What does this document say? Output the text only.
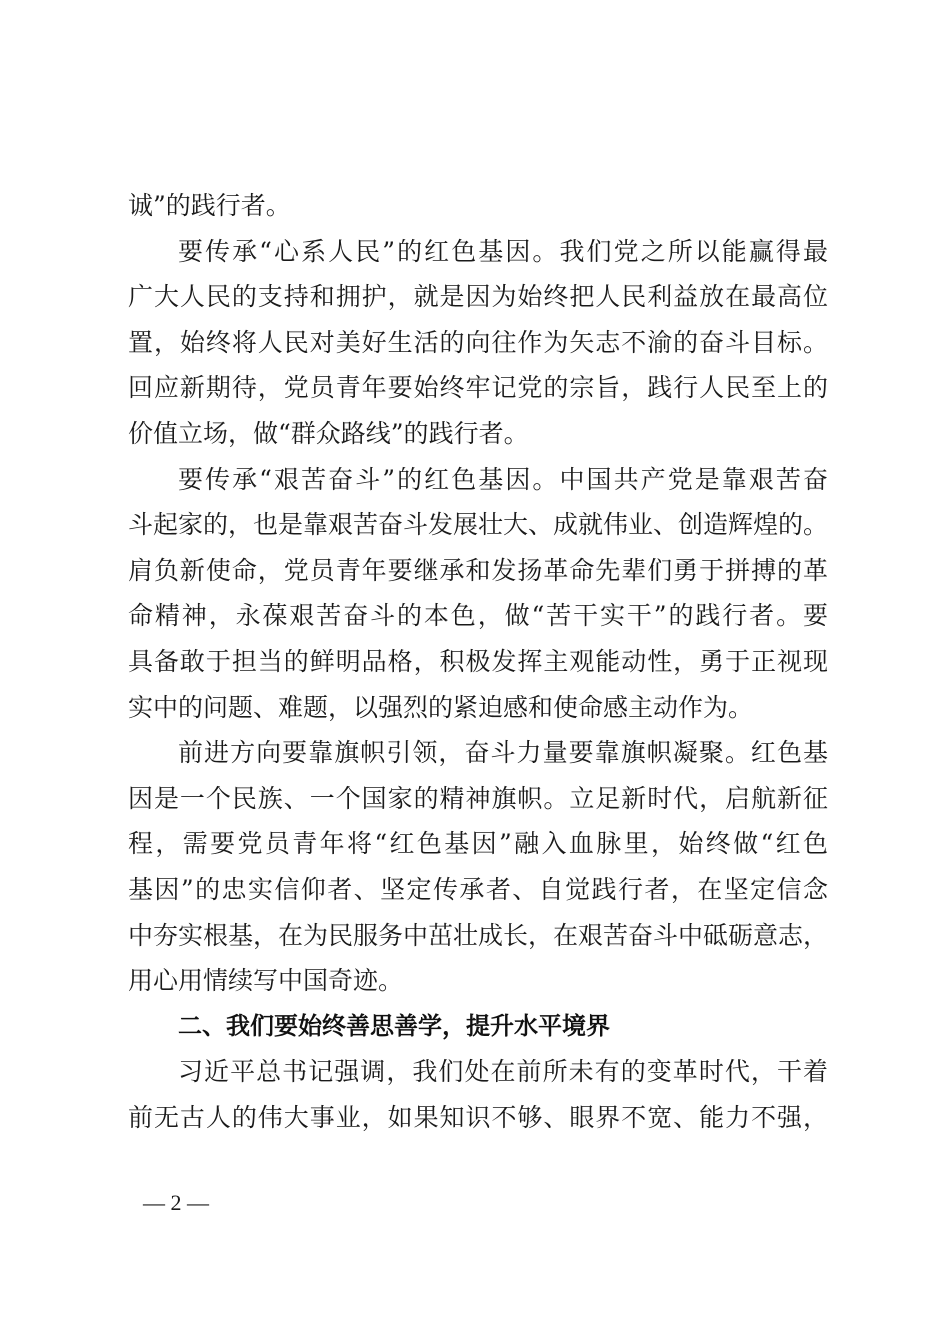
诚”的践行者。
要传承“心系人民”的红色基因。我们党之所以能赢得最
广大人民的支持和拥护，就是因为始终把人民利益放在最高位
置，始终将人民对美好生活的向往作为矢志不渝的奋斗目标。
回应新期待，党员青年要始终牢记党的宗旨，践行人民至上的
价值立场，做“群众路线”的践行者。
要传承“艰苦奋斗”的红色基因。中国共产党是靠艰苦奋
斗起家的，也是靠艰苦奋斗发展壮大、成就伟业、创造辉煌的。
肩负新使命，党员青年要继承和发扬革命先辈们勇于拼搏的革
命精神，永葆艰苦奋斗的本色，做“苦干实干”的践行者。要
具备敢于担当的鲜明品格，积极发挥主观能动性，勇于正视现
实中的问题、难题，以强烈的紧迫感和使命感主动作为。
前进方向要靠旗帜引领，奋斗力量要靠旗帜凝聚。红色基
因是一个民族、一个国家的精神旗帜。立足新时代，启航新征
程，需要党员青年将“红色基因”融入血脉里，始终做“红色
基因”的忠实信仰者、坚定传承者、自觉践行者，在坚定信念
中夯实根基，在为民服务中茁壮成长，在艰苦奋斗中砥砺意志，
用心用情续写中国奇迹。
二、我们要始终善思善学，提升水平境界
习近平总书记强调，我们处在前所未有的变革时代，干着
前无古人的伟大事业，如果知识不够、眼界不宽、能力不强，
— 2 —
